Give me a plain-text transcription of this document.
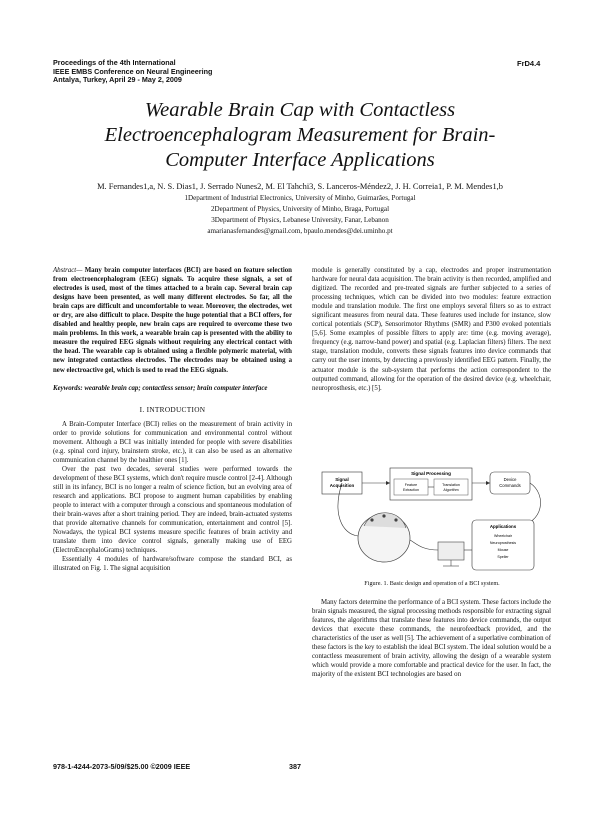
Proceedings of the 4th International
IEEE EMBS Conference on Neural Engineering
Antalya, Turkey, April 29 - May 2, 2009
FrD4.4
Wearable Brain Cap with Contactless
Electroencephalogram Measurement for Brain-
Computer Interface Applications
M. Fernandes1,a, N. S. Dias1, J. Serrado Nunes2, M. El Tahchi3, S. Lanceros-Méndez2, J. H. Correia1, P. M. Mendes1,b
1Department of Industrial Electronics, University of Minho, Guimarães, Portugal
2Department of Physics, University of Minho, Braga, Portugal
3Department of Physics, Lebanese University, Fanar, Lebanon
amarianasfernandes@gmail.com, bpaulo.mendes@dei.uminho.pt

Abstract— Many brain computer interfaces (BCI) are based on feature selection from electroencephalogram (EEG) signals. To acquire these signals, a set of electrodes is used, most of the times attached to a brain cap. Several brain cap designs have been presented, as well many different electrodes. So far, all the brain caps are difficult and uncomfortable to wear. Moreover, the electrodes, wet or dry, are also difficult to place. Despite the huge potential that a BCI offers, for disabled and healthy people, new brain caps are required to overcome these two main problems. In this work, a wearable brain cap is presented with the ability to measure the required EEG signals without requiring any electrical contact with the head. The wearable cap is obtained using a flexible polymeric material, with new integrated contactless electrodes. The electrodes may be obtained using a new electroactive gel, which is used to read the EEG signals.

Keywords: wearable brain cap; contactless sensor; brain computer interface

I. INTRODUCTION

A Brain-Computer Interface (BCI) relies on the measurement of brain activity in order to provide solutions for communication and environmental control without movement. Although a BCI was initially intended for people with severe disabilities (e.g. spinal cord injury, brainstem stroke, etc.), it can also be used as an alternative communication channel by the healthier ones [1].

Over the past two decades, several studies were performed towards the development of these BCI systems, which don't require muscle control [2-4]. Although still in its infancy, BCI is no longer a realm of science fiction, but an evolving area of research and applications. BCI propose to augment human capabilities by enabling people to interact with a computer through a conscious and spontaneous modulation of their brain-waves after a short training period. They are indeed, brain-actuated systems that provide alternative channels for communication, entertainment and control [5]. Nowadays, the typical BCI systems measure specific features of brain activity and translate them into device control signals, generally making use of EEG (ElectroEncephaloGrams) techniques.

Essentially 4 modules of hardware/software compose the standard BCI, as illustrated on Fig. 1. The signal acquisition

module is generally constituted by a cap, electrodes and proper instrumentation hardware for neural data acquisition. The brain activity is then recorded, amplified and digitized. The recorded and pre-treated signals are further subjected to a series of processing techniques, which can be divided into two modules: feature extraction module and translation module. The first one employs several filters so as to extract significant measures from neural data. These features used include for instance, slow cortical potentials (SCP), Sensorimotor Rhythms (SMR) and P300 evoked potentials [5,6]. Some examples of possible filters to apply are: time (e.g. moving average), frequency (e.g. narrow-band power) and spatial (e.g. Laplacian filters) filters. The next stage, translation module, converts these signals features into device commands that carry out the user intents, by detecting a previously identified EEG pattern. Finally, the actuator module is the sub-system that performs the action correspondent to the outputted command, allowing for the operation of the desired device (e.g. wheelchair, neuroprosthesis, etc.) [5].

Signal
Acquisition
Signal Processing
Feature
Extraction
Translation
Algorithm
Device
Commands
Applications
Wheelchair
Neuroprosthesis
Mouse
Speller
Figure. 1. Basic design and operation of a BCI system.

Many factors determine the performance of a BCI system. These factors include the brain signals measured, the signal processing methods responsible for extracting signal features, the algorithms that translate these features into device commands, the output devices that execute these commands, the neurofeedback provided, and the characteristics of the user as well [5]. The achievement of a superlative combination of these factors is the key to establish the ideal BCI system. The ideal solution would be a contactless measurement of brain activity, allowing the design of a wearable system which would provide a more comfortable and practical device for the user. In fact, the majority of the existent BCI technologies are based on

978-1-4244-2073-5/09/$25.00 ©2009 IEEE	387
